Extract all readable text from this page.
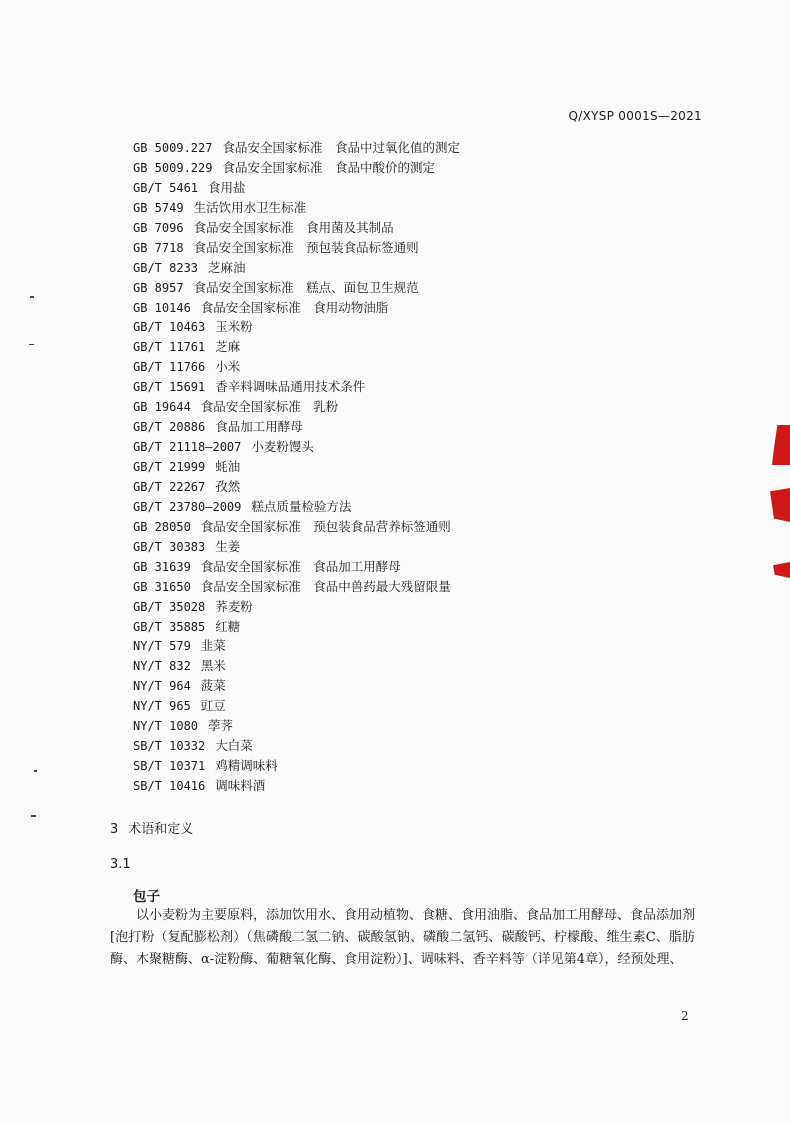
Q/XYSP 0001S—2021
GB 5009.227 食品安全国家标准　食品中过氧化值的测定
GB 5009.229 食品安全国家标准　食品中酸价的测定
GB/T 5461 食用盐
GB 5749 生活饮用水卫生标准
GB 7096 食品安全国家标准　食用菌及其制品
GB 7718 食品安全国家标准　预包装食品标签通则
GB/T 8233 芝麻油
GB 8957 食品安全国家标准　糕点、面包卫生规范
GB 10146 食品安全国家标准　食用动物油脂
GB/T 10463 玉米粉
GB/T 11761 芝麻
GB/T 11766 小米
GB/T 15691 香辛料调味品通用技术条件
GB 19644 食品安全国家标准　乳粉
GB/T 20886 食品加工用酵母
GB/T 21118—2007 小麦粉馒头
GB/T 21999 蚝油
GB/T 22267 孜然
GB/T 23780—2009 糕点质量检验方法
GB 28050 食品安全国家标准　预包装食品营养标签通则
GB/T 30383 生姜
GB 31639 食品安全国家标准　食品加工用酵母
GB 31650 食品安全国家标准　食品中兽药最大残留限量
GB/T 35028 荞麦粉
GB/T 35885 红糖
NY/T 579 韭菜
NY/T 832 黑米
NY/T 964 菠菜
NY/T 965 豇豆
NY/T 1080 荸荠
SB/T 10332 大白菜
SB/T 10371 鸡精调味料
SB/T 10416 调味料酒
3 术语和定义
3.1
包子

以小麦粉为主要原料，添加饮用水、食用动植物、食糖、食用油脂、食品加工用酵母、食品添加剂[泡打粉（复配膨松剂）（焦磷酸二氢二钠、碳酸氢钠、磷酸二氢钙、碳酸钙、柠檬酸、维生素C、脂肪酶、木聚糖酶、α-淀粉酶、葡糖氧化酶、食用淀粉）]、调味料、香辛料等（详见第4章），经预处理、

2
